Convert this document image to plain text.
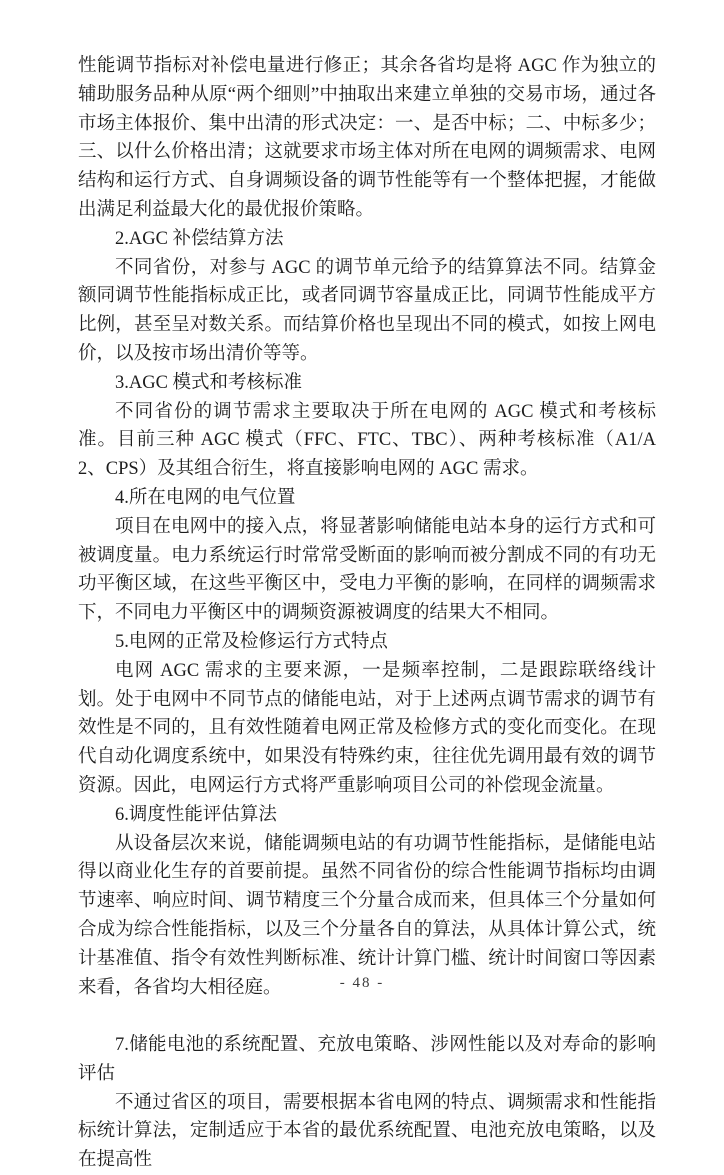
性能调节指标对补偿电量进行修正；其余各省均是将 AGC 作为独立的辅助服务品种从原“两个细则”中抽取出来建立单独的交易市场，通过各市场主体报价、集中出清的形式决定：一、是否中标；二、中标多少；三、以什么价格出清；这就要求市场主体对所在电网的调频需求、电网结构和运行方式、自身调频设备的调节性能等有一个整体把握，才能做出满足利益最大化的最优报价策略。

2.AGC 补偿结算方法

不同省份，对参与 AGC 的调节单元给予的结算算法不同。结算金额同调节性能指标成正比，或者同调节容量成正比，同调节性能成平方比例，甚至呈对数关系。而结算价格也呈现出不同的模式，如按上网电价，以及按市场出清价等等。

3.AGC 模式和考核标准

不同省份的调节需求主要取决于所在电网的 AGC 模式和考核标准。目前三种 AGC 模式（FFC、FTC、TBC）、两种考核标准（A1/A2、CPS）及其组合衍生，将直接影响电网的 AGC 需求。

4.所在电网的电气位置

项目在电网中的接入点，将显著影响储能电站本身的运行方式和可被调度量。电力系统运行时常常受断面的影响而被分割成不同的有功无功平衡区域，在这些平衡区中，受电力平衡的影响，在同样的调频需求下，不同电力平衡区中的调频资源被调度的结果大不相同。

5.电网的正常及检修运行方式特点

电网 AGC 需求的主要来源，一是频率控制，二是跟踪联络线计划。处于电网中不同节点的储能电站，对于上述两点调节需求的调节有效性是不同的，且有效性随着电网正常及检修方式的变化而变化。在现代自动化调度系统中，如果没有特殊约束，往往优先调用最有效的调节资源。因此，电网运行方式将严重影响项目公司的补偿现金流量。

6.调度性能评估算法

从设备层次来说，储能调频电站的有功调节性能指标，是储能电站得以商业化生存的首要前提。虽然不同省份的综合性能调节指标均由调节速率、响应时间、调节精度三个分量合成而来，但具体三个分量如何合成为综合性能指标，以及三个分量各自的算法，从具体计算公式，统计基准值、指令有效性判断标准、统计计算门槛、统计时间窗口等因素来看，各省均大相径庭。

7.储能电池的系统配置、充放电策略、涉网性能以及对寿命的影响评估

不通过省区的项目，需要根据本省电网的特点、调频需求和性能指标统计算法，定制适应于本省的最优系统配置、电池充放电策略，以及在提高性

- 48 -
